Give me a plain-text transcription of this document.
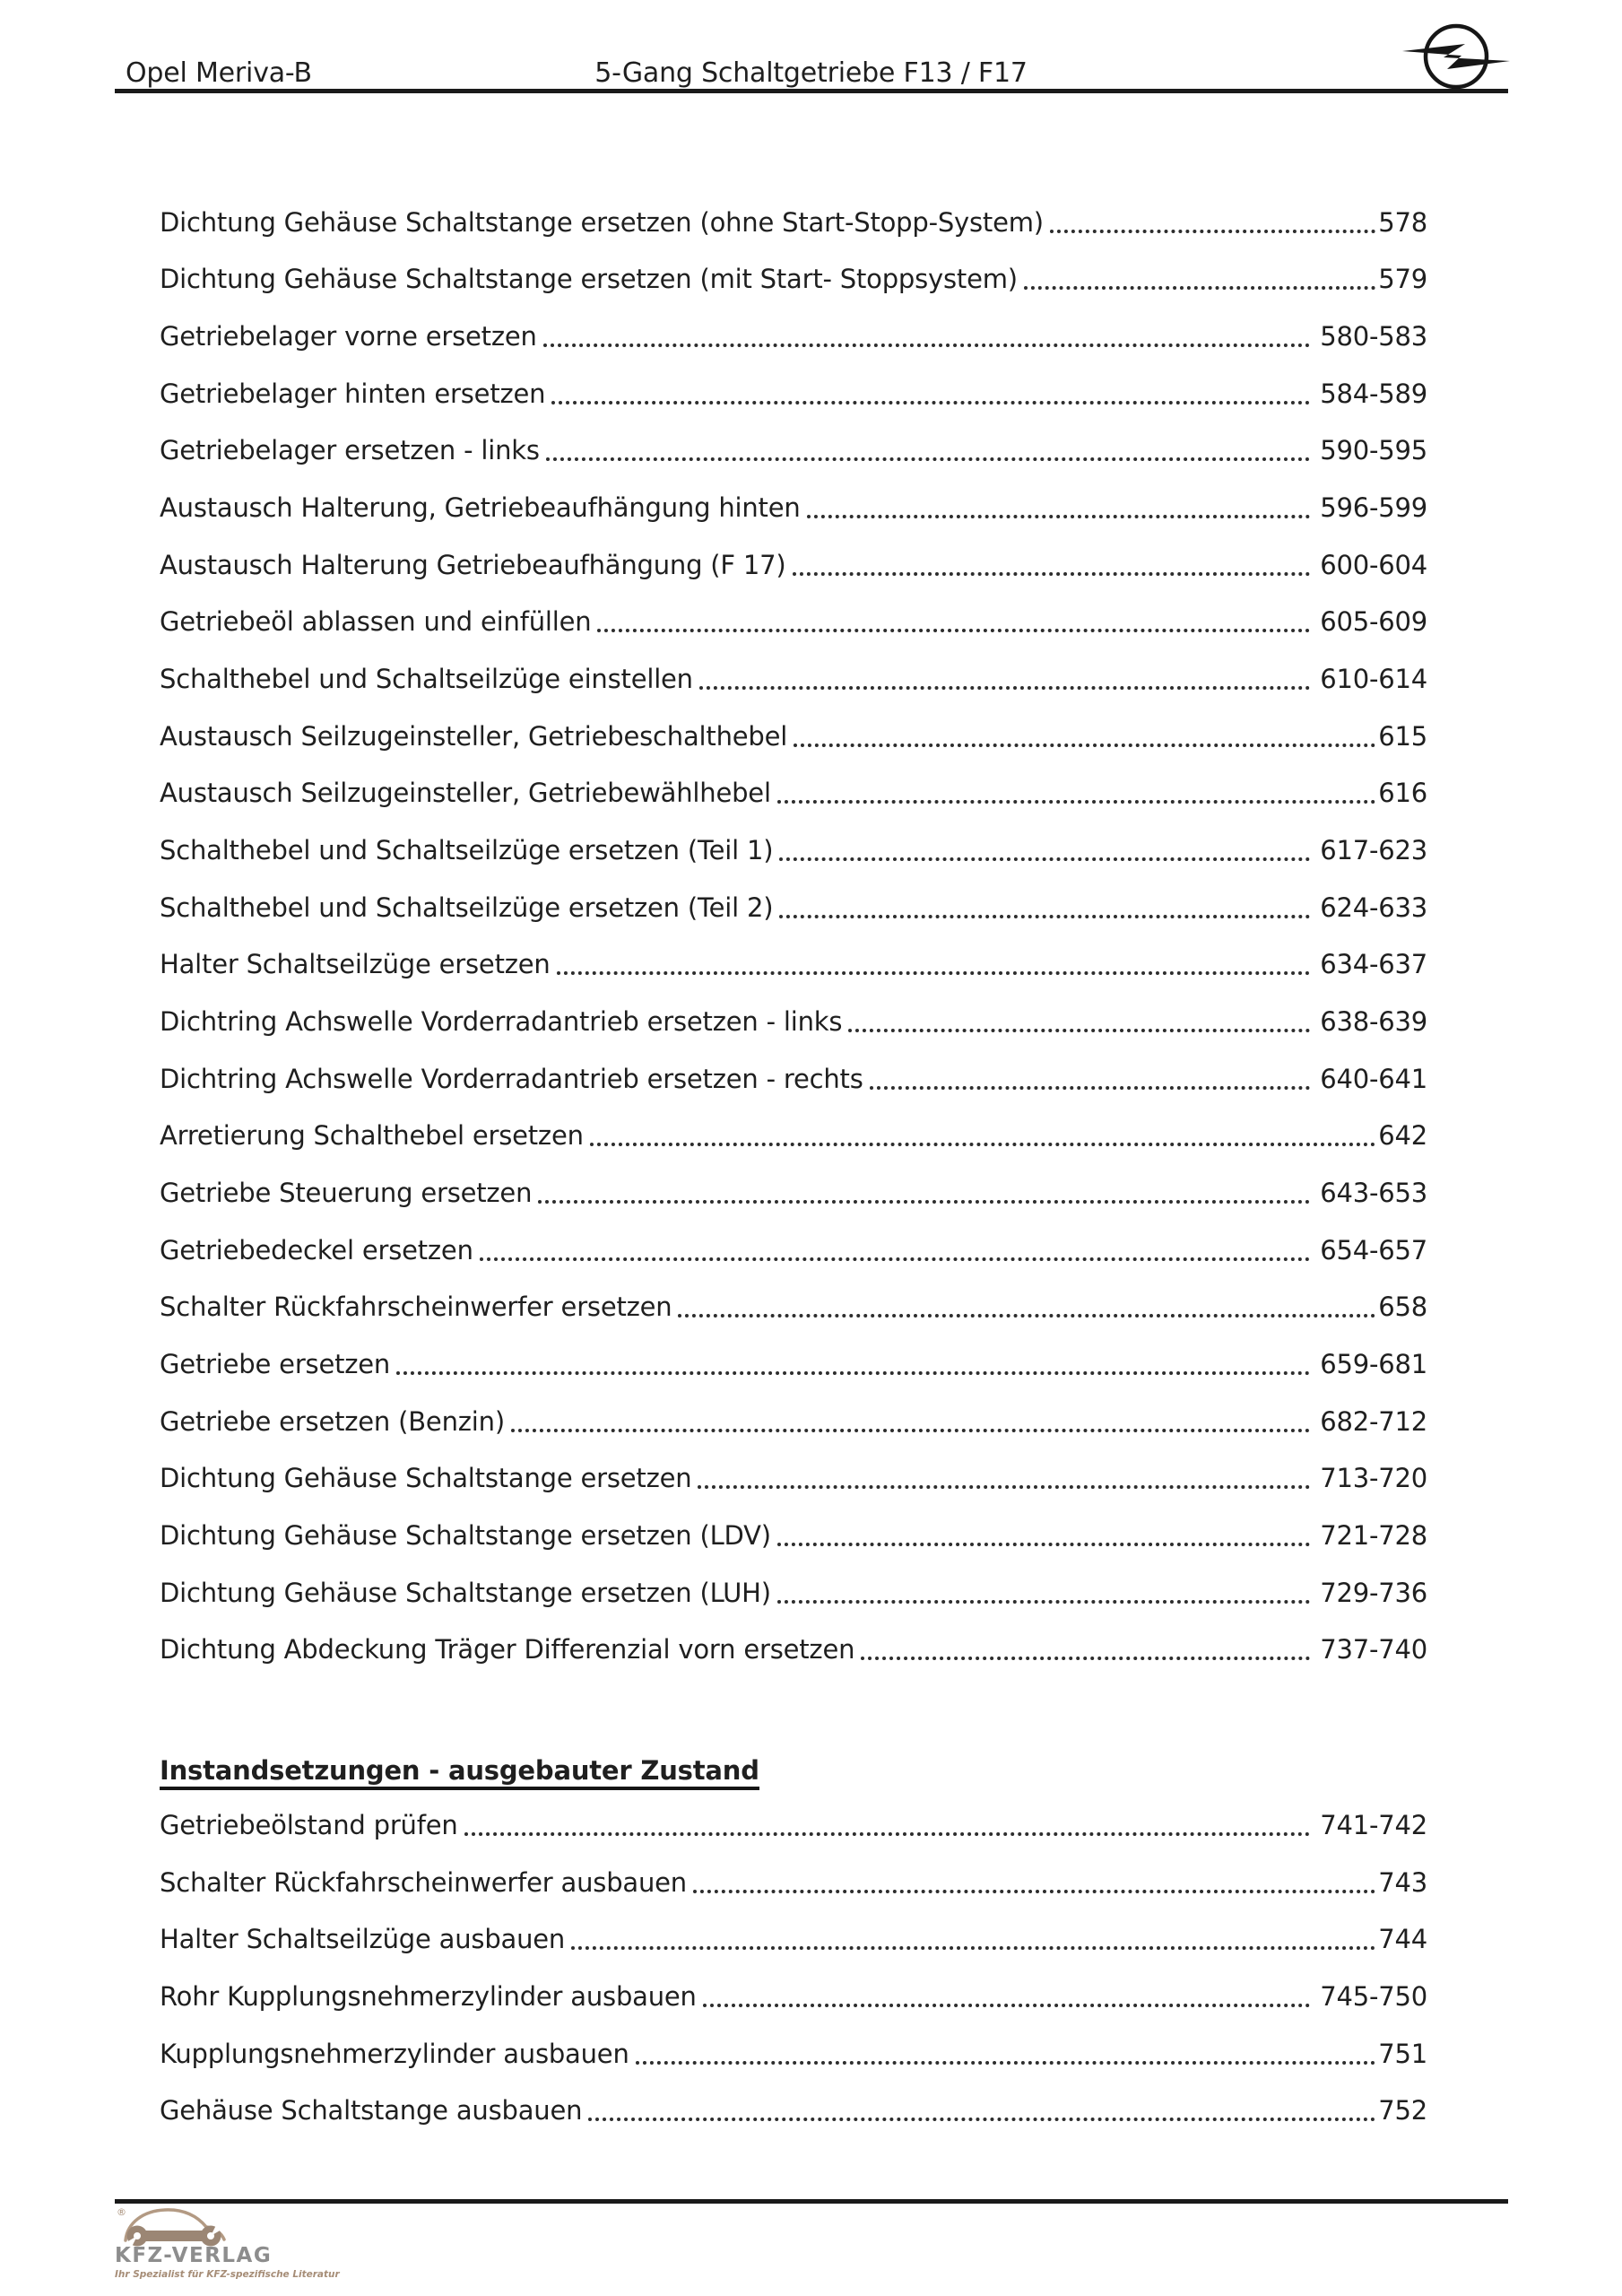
Opel Meriva-B	5-Gang Schaltgetriebe F13 / F17
Dichtung Gehäuse Schaltstange ersetzen (ohne Start-Stopp-System)	578
Dichtung Gehäuse Schaltstange ersetzen (mit Start- Stoppsystem)	579
Getriebelager vorne ersetzen	580-583
Getriebelager hinten ersetzen	584-589
Getriebelager ersetzen - links	590-595
Austausch Halterung, Getriebeaufhängung hinten	596-599
Austausch Halterung Getriebeaufhängung (F 17)	600-604
Getriebeöl ablassen und einfüllen	605-609
Schalthebel und Schaltseilzüge einstellen	610-614
Austausch Seilzugeinsteller, Getriebeschalthebel	615
Austausch Seilzugeinsteller, Getriebewählhebel	616
Schalthebel und Schaltseilzüge ersetzen (Teil 1)	617-623
Schalthebel und Schaltseilzüge ersetzen (Teil 2)	624-633
Halter Schaltseilzüge ersetzen	634-637
Dichtring Achswelle Vorderradantrieb ersetzen - links	638-639
Dichtring Achswelle Vorderradantrieb ersetzen - rechts	640-641
Arretierung Schalthebel ersetzen	642
Getriebe Steuerung ersetzen	643-653
Getriebedeckel ersetzen	654-657
Schalter Rückfahrscheinwerfer ersetzen	658
Getriebe ersetzen	659-681
Getriebe ersetzen (Benzin)	682-712
Dichtung Gehäuse Schaltstange ersetzen	713-720
Dichtung Gehäuse Schaltstange ersetzen (LDV)	721-728
Dichtung Gehäuse Schaltstange ersetzen (LUH)	729-736
Dichtung Abdeckung Träger Differenzial vorn ersetzen	737-740
Instandsetzungen - ausgebauter Zustand
Getriebeölstand prüfen	741-742
Schalter Rückfahrscheinwerfer ausbauen	743
Halter Schaltseilzüge ausbauen	744
Rohr Kupplungsnehmerzylinder ausbauen	745-750
Kupplungsnehmerzylinder ausbauen	751
Gehäuse Schaltstange ausbauen	752
®
KFZ-VERLAG
Ihr Spezialist für KFZ-spezifische Literatur
